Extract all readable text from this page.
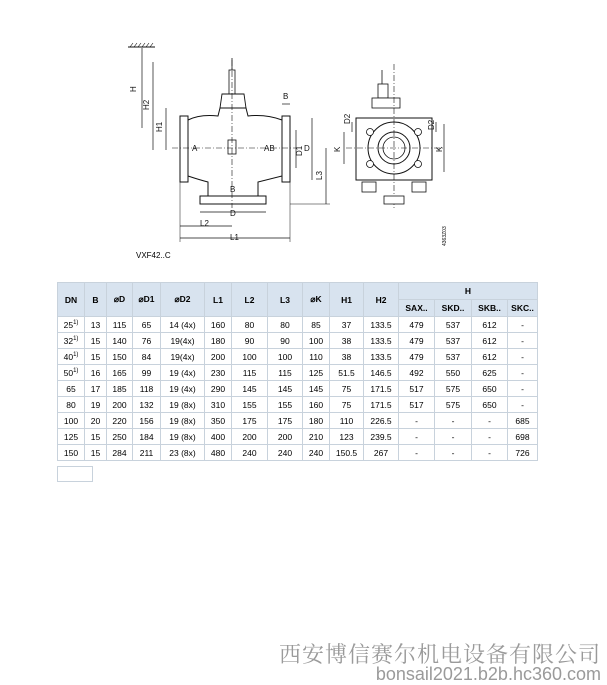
H
H2
H1
A	AB
B
B
D1 D
L3
D
L2
L1
VXF42..C
D2
K
D2
K
4363Z03
DN	B	⌀D	⌀D1	⌀D2	L1	L2	L3	⌀K	H1	H2	H			
											SAX..	SKD..	SKB..	SKC..
25$^{1)}$	13	115	65	14 (4x)	160	80	80	85	37	133.5	479	537	612	-
32$^{1)}$	15	140	76	19(4x)	180	90	90	100	38	133.5	479	537	612	-
40$^{1)}$	15	150	84	19(4x)	200	100	100	110	38	133.5	479	537	612	-
50$^{1)}$	16	165	99	19 (4x)	230	115	115	125	51.5	146.5	492	550	625	-
65	17	185	118	19 (4x)	290	145	145	145	75	171.5	517	575	650	-
80	19	200	132	19 (8x)	310	155	155	160	75	171.5	517	575	650	-
100	20	220	156	19 (8x)	350	175	175	180	110	226.5	-	-	-	685
125	15	250	184	19 (8x)	400	200	200	210	123	239.5	-	-	-	698
150	15	284	211	23 (8x)	480	240	240	240	150.5	267	-	-	-	726
西安博信赛尔机电设备有限公司
bonsail2021.b2b.hc360.com
